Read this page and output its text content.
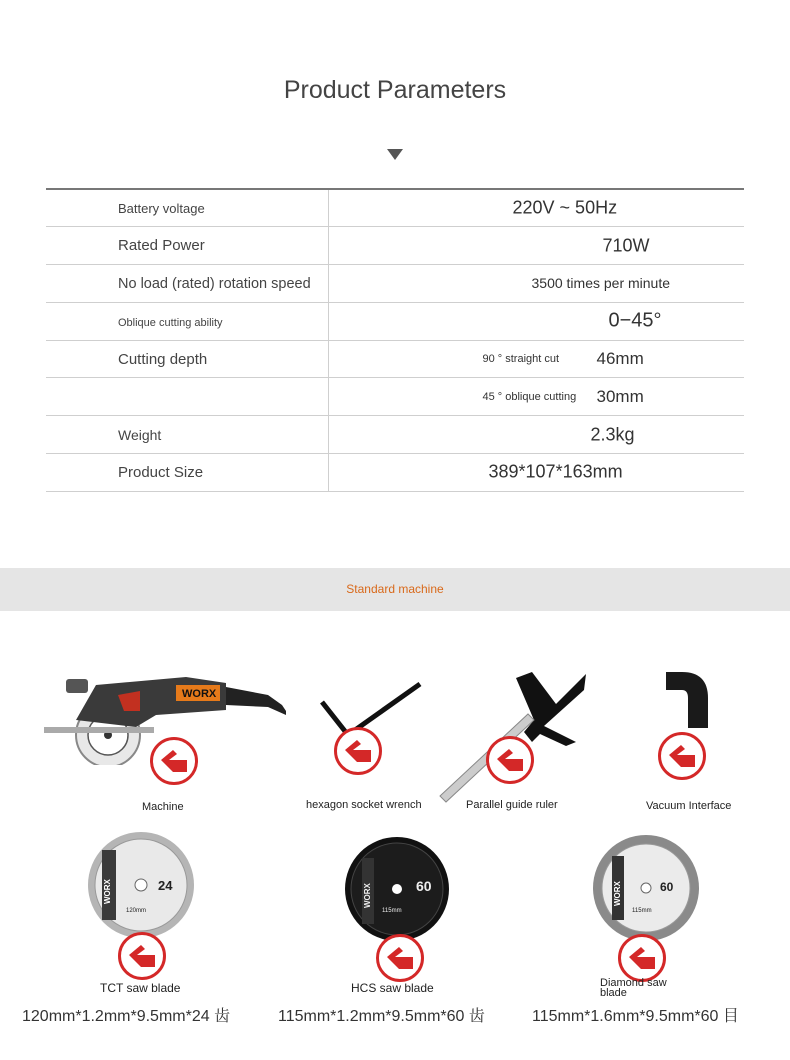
Product Parameters
Battery voltage	220V ~ 50Hz

Rated Power	710W

No load (rated) rotation speed	3500 times per minute

Oblique cutting ability	0−45°

Cutting depth	90 ° straight cut 46mm

	45 ° oblique cutting 30mm

Weight	2.3kg

Product Size	389*107*163mm
Standard machine
WORX
Machine	hexagon socket wrench	Parallel guide ruler	Vacuum Interface
WORX	24
120mm
TCT saw blade
120mm*1.2mm*9.5mm*24 齿
WORX	60
115mm
HCS saw blade
115mm*1.2mm*9.5mm*60 齿
WORX	60
115mm
Diamond saw blade
115mm*1.6mm*9.5mm*60 目
